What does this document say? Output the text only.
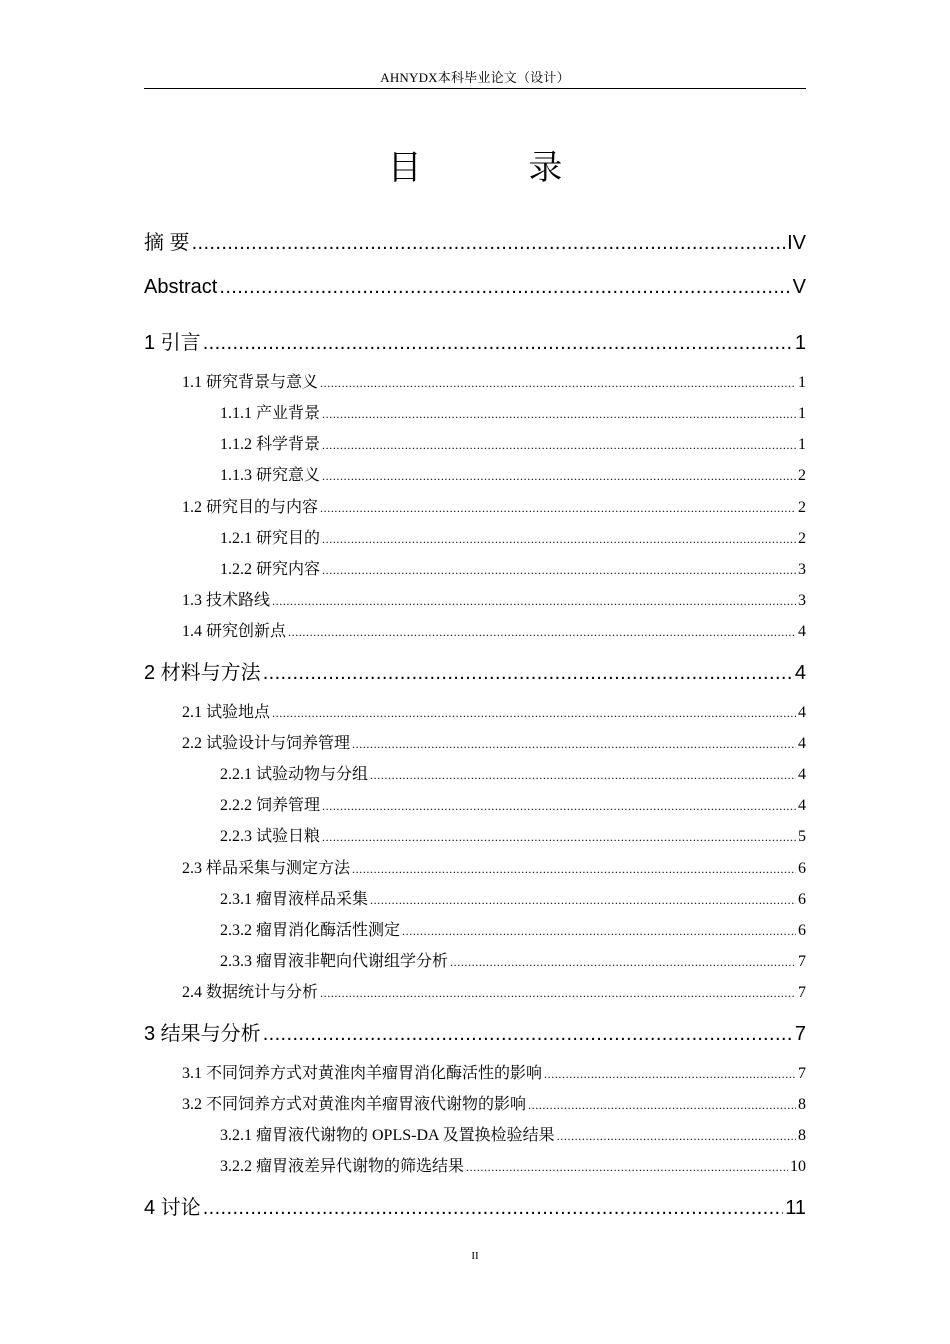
AHNYDX本科毕业论文（设计）
目 录
摘 要 .....	IV
Abstract .....	V
1 引言 .....	1
1.1 研究背景与意义 .....	1
1.1.1 产业背景 .....	1
1.1.2 科学背景 .....	1
1.1.3 研究意义 .....	2
1.2 研究目的与内容 .....	2
1.2.1 研究目的 .....	2
1.2.2 研究内容 .....	3
1.3 技术路线 .....	3
1.4 研究创新点 .....	4
2 材料与方法 .....	4
2.1 试验地点 .....	4
2.2 试验设计与饲养管理 .....	4
2.2.1 试验动物与分组 .....	4
2.2.2 饲养管理 .....	4
2.2.3 试验日粮 .....	5
2.3 样品采集与测定方法 .....	6
2.3.1 瘤胃液样品采集 .....	6
2.3.2 瘤胃消化酶活性测定 .....	6
2.3.3 瘤胃液非靶向代谢组学分析 .....	7
2.4 数据统计与分析 .....	7
3 结果与分析 .....	7
3.1 不同饲养方式对黄淮肉羊瘤胃消化酶活性的影响 .....	7
3.2 不同饲养方式对黄淮肉羊瘤胃液代谢物的影响 .....	8
3.2.1 瘤胃液代谢物的 OPLS-DA 及置换检验结果 .....	8
3.2.2 瘤胃液差异代谢物的筛选结果 .....	10
4 讨论 .....	11
II
